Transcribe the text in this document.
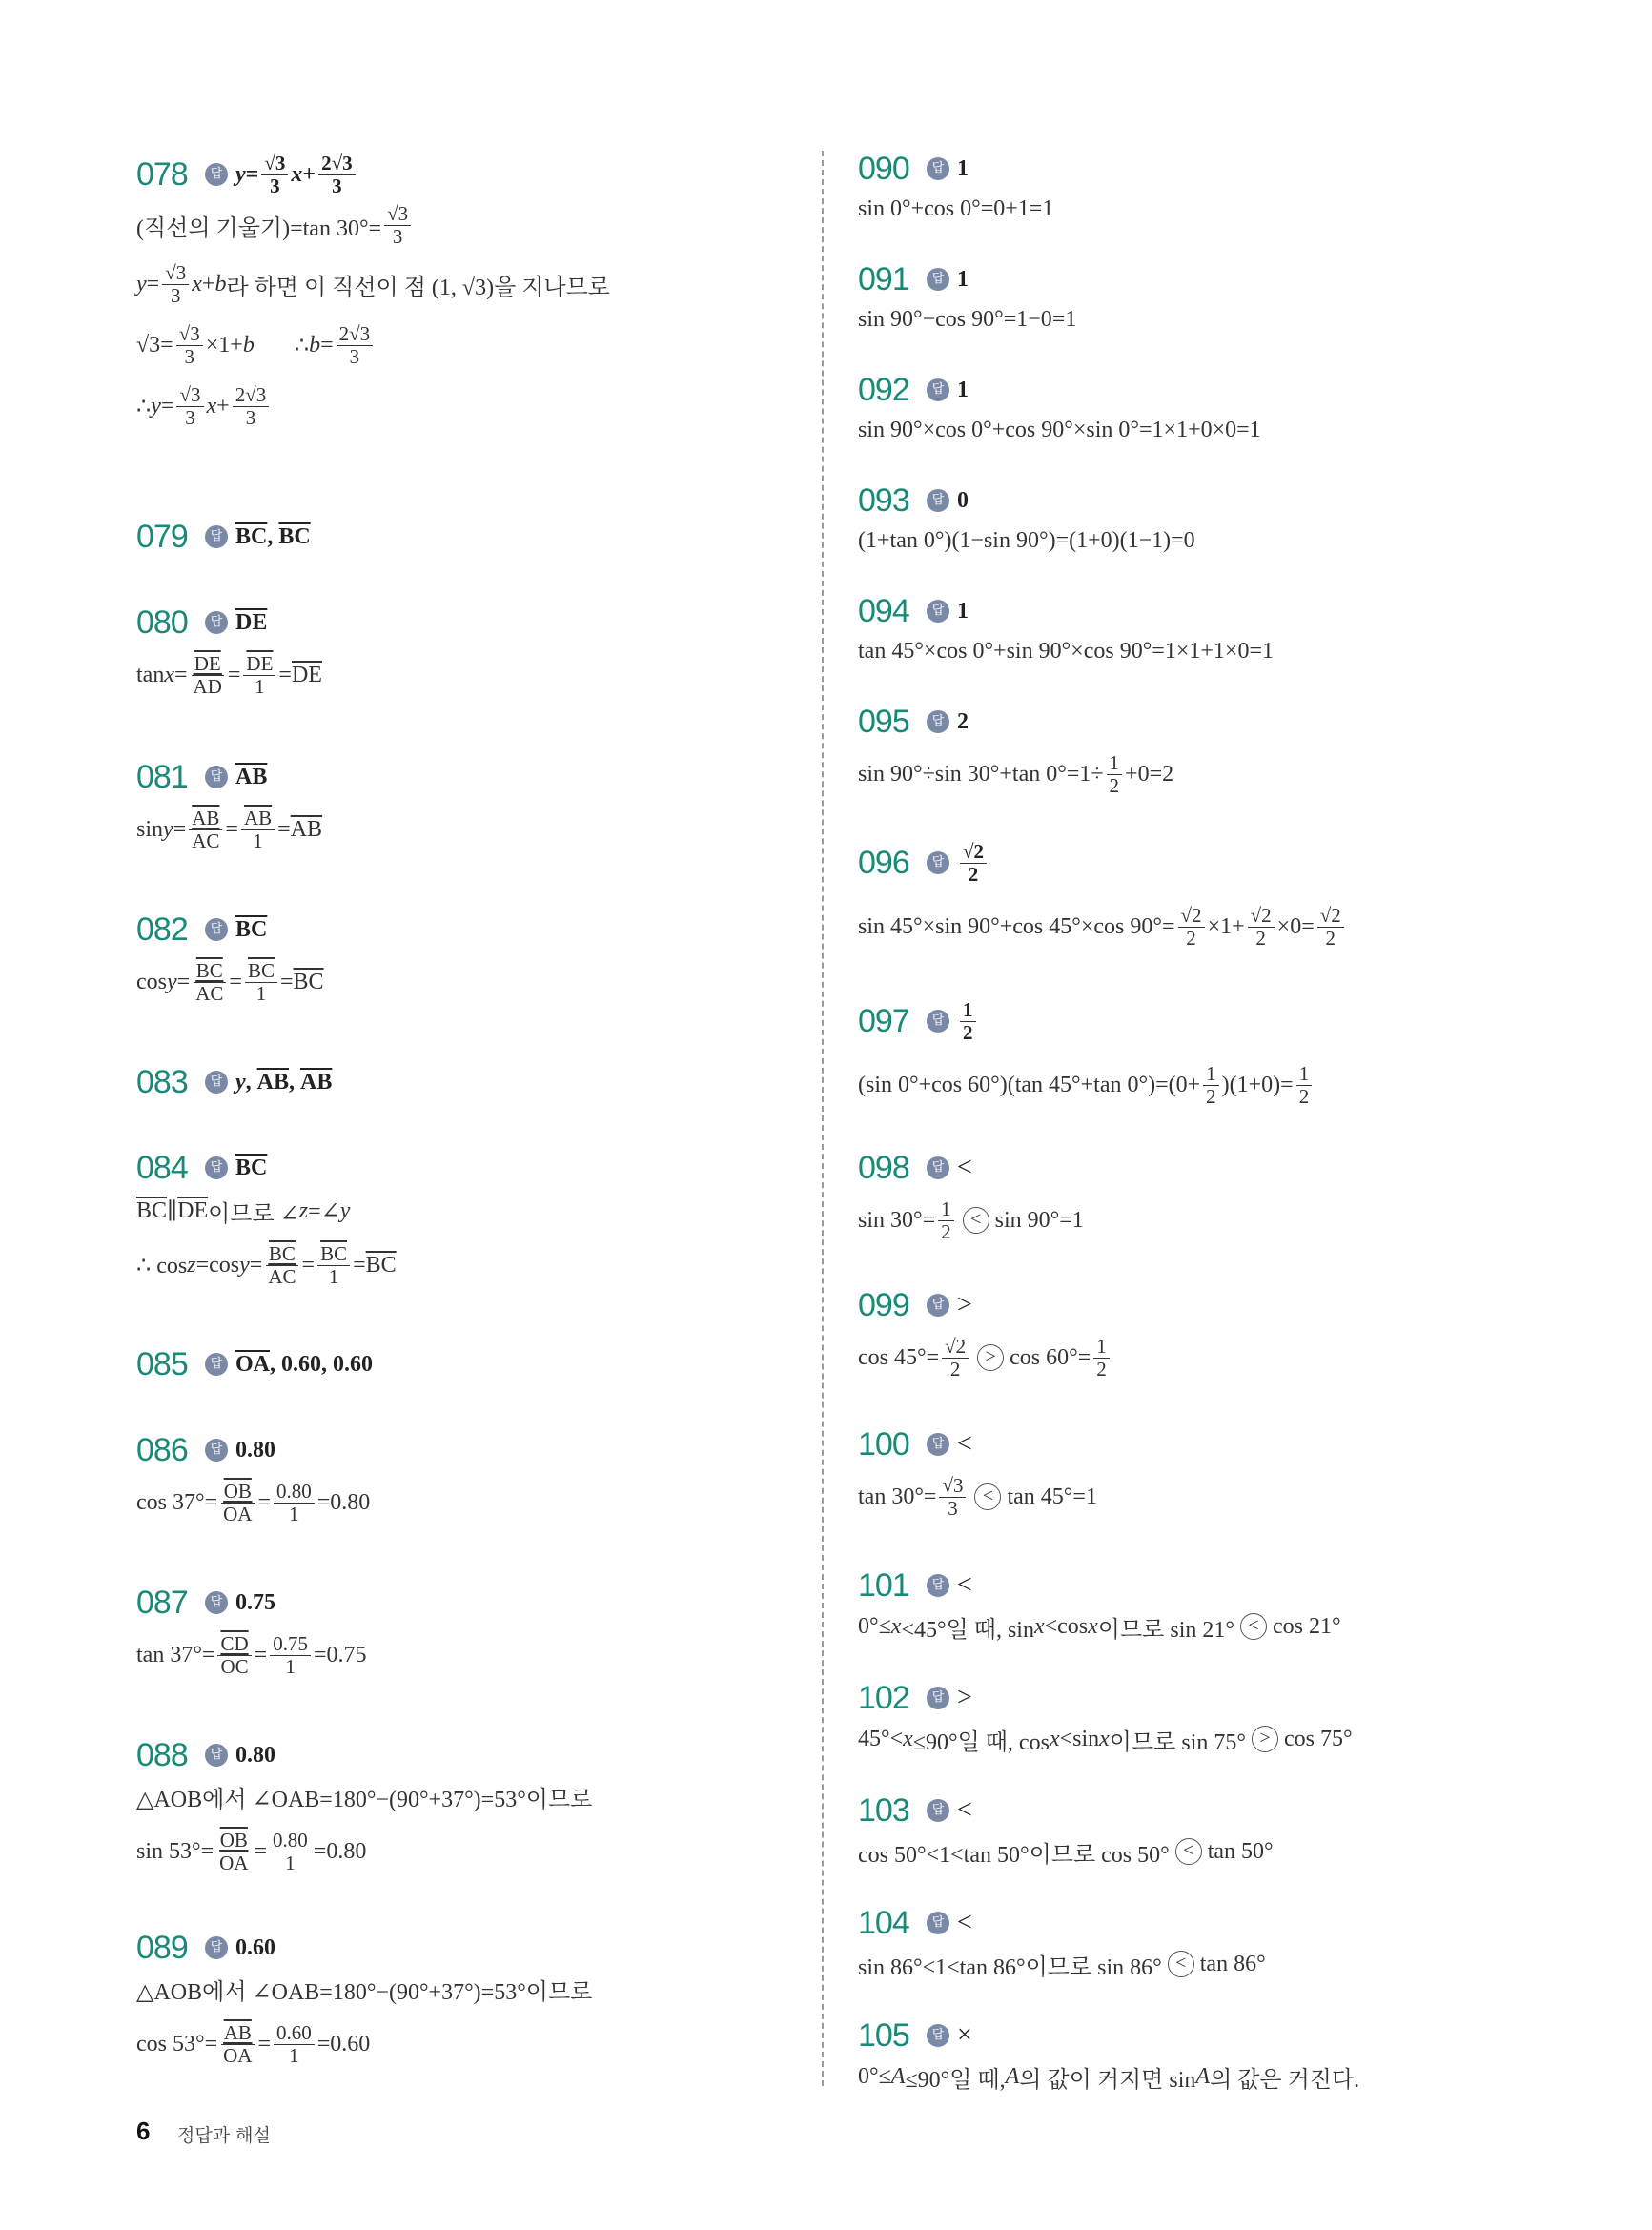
078	답 $y = \frac{√3}{3}$ $x + \frac{2√3}{3}$
(직선의 기울기)=tan $30^\circ= \frac{√3}{3}$
$y = \frac{√3}{3}$ x + b 라 하면 이 직선이 점 (1, √3)을 지나므로
$√3= \frac{√3}{3} \times 1+ b$ ∴ $b = \frac{2√3}{3}$
∴ $y = \frac{√3}{3}$ $x + \frac{2√3}{3}$
079	답 $\overline{BC}$ , $\overline{BC}$
080	답 $\overline{DE}$
$\tan x = \frac{\overline{DE}}{AD} = \frac{\overline{DE}}{1} = \overline{DE}$
081	답 $\overline{AB}$
$\sin y = \frac{\overline{AB}}{AC} = \frac{\overline{AB}}{1} = \overline{AB}$
082	답 $\overline{BC}$
$\cos y = \frac{\overline{BC}}{AC} = \frac{\overline{BC}}{1} = \overline{BC}$
083	답 y , $\overline{AB}$ , $\overline{AB}$
084	답 $\overline{BC}$
$\overline{BC}$ ∥ $\overline{DE}$ 이므로 ∠ z =∠ y
∴ cos z =cos $y = \frac{\overline{BC}}{AC} = \frac{\overline{BC}}{1} = \overline{BC}$
085	답 $\overline{OA}$ , 0.60, 0.60
086	답 0.80
$\cos 37^\circ= \frac{\overline{OB}}{OA} = \frac{0.80}{1} =0.80$
087	답 0.75
$\tan 37^\circ= \frac{\overline{CD}}{OC} = \frac{0.75}{1} =0.75$
088	답 0.80
△AOB에서 ∠OAB=180°−(90°+37°)=53°이므로
$\sin 53^\circ= \frac{\overline{OB}}{OA} = \frac{0.80}{1} =0.80$
089	답 0.60
△AOB에서 ∠OAB=180°−(90°+37°)=53°이므로
$\cos 53^\circ= \frac{\overline{AB}}{OA} = \frac{0.60}{1} =0.60$
090	답 1
sin 0°+cos 0°=0+1=1
091	답 1
sin 90°−cos 90°=1−0=1
092	답 1
sin 90°×cos 0°+cos 90°×sin 0°=1×1+0×0=1
093	답 0
(1+tan 0°)(1−sin 90°)=(1+0)(1−1)=0
094	답 1
tan 45°×cos 0°+sin 90°×cos 90°=1×1+1×0=1
095	답 2
sin 90°÷sin 30°+tan $0^\circ=1\div \frac{1}{2} +0=2$
096	답 $\frac{√2}{2}$
sin 45°×sin 90°+cos 45°×cos $90^\circ= \frac{√2}{2} \times 1+ \frac{√2}{2} \times 0= \frac{√2}{2}$
097	답 $\frac{1}{2}$
(sin 0°+cos 60°)(tan 45°+tan $0^\circ)=(0+ \frac{1}{2} )(1+0)= \frac{1}{2}$
098	답 <
$\sin 30^\circ= \frac{1}{2} < \sin 90^\circ=1$
099	답 >
$\cos 45^\circ= \frac{√2}{2} > \cos 60^\circ= \frac{1}{2}$
100	답 <
$\tan 30^\circ= \frac{√3}{3} < \tan 45^\circ=1$
101	답 <
0°≤ x <45°일 때, sin x <cos x 이므로 sin 21° < cos 21°
102	답 >
45°< x ≤90°일 때, cos x <sin x 이므로 sin 75° > cos 75°
103	답 <
cos 50°<1<tan 50°이므로 cos 50° < tan 50°
104	답 <
sin 86°<1<tan 86°이므로 sin 86° < tan 86°
105	답 ×
0°≤ A ≤90°일 때, A 의 값이 커지면 sin A 의 값은 커진다.
6 정답과 해설
